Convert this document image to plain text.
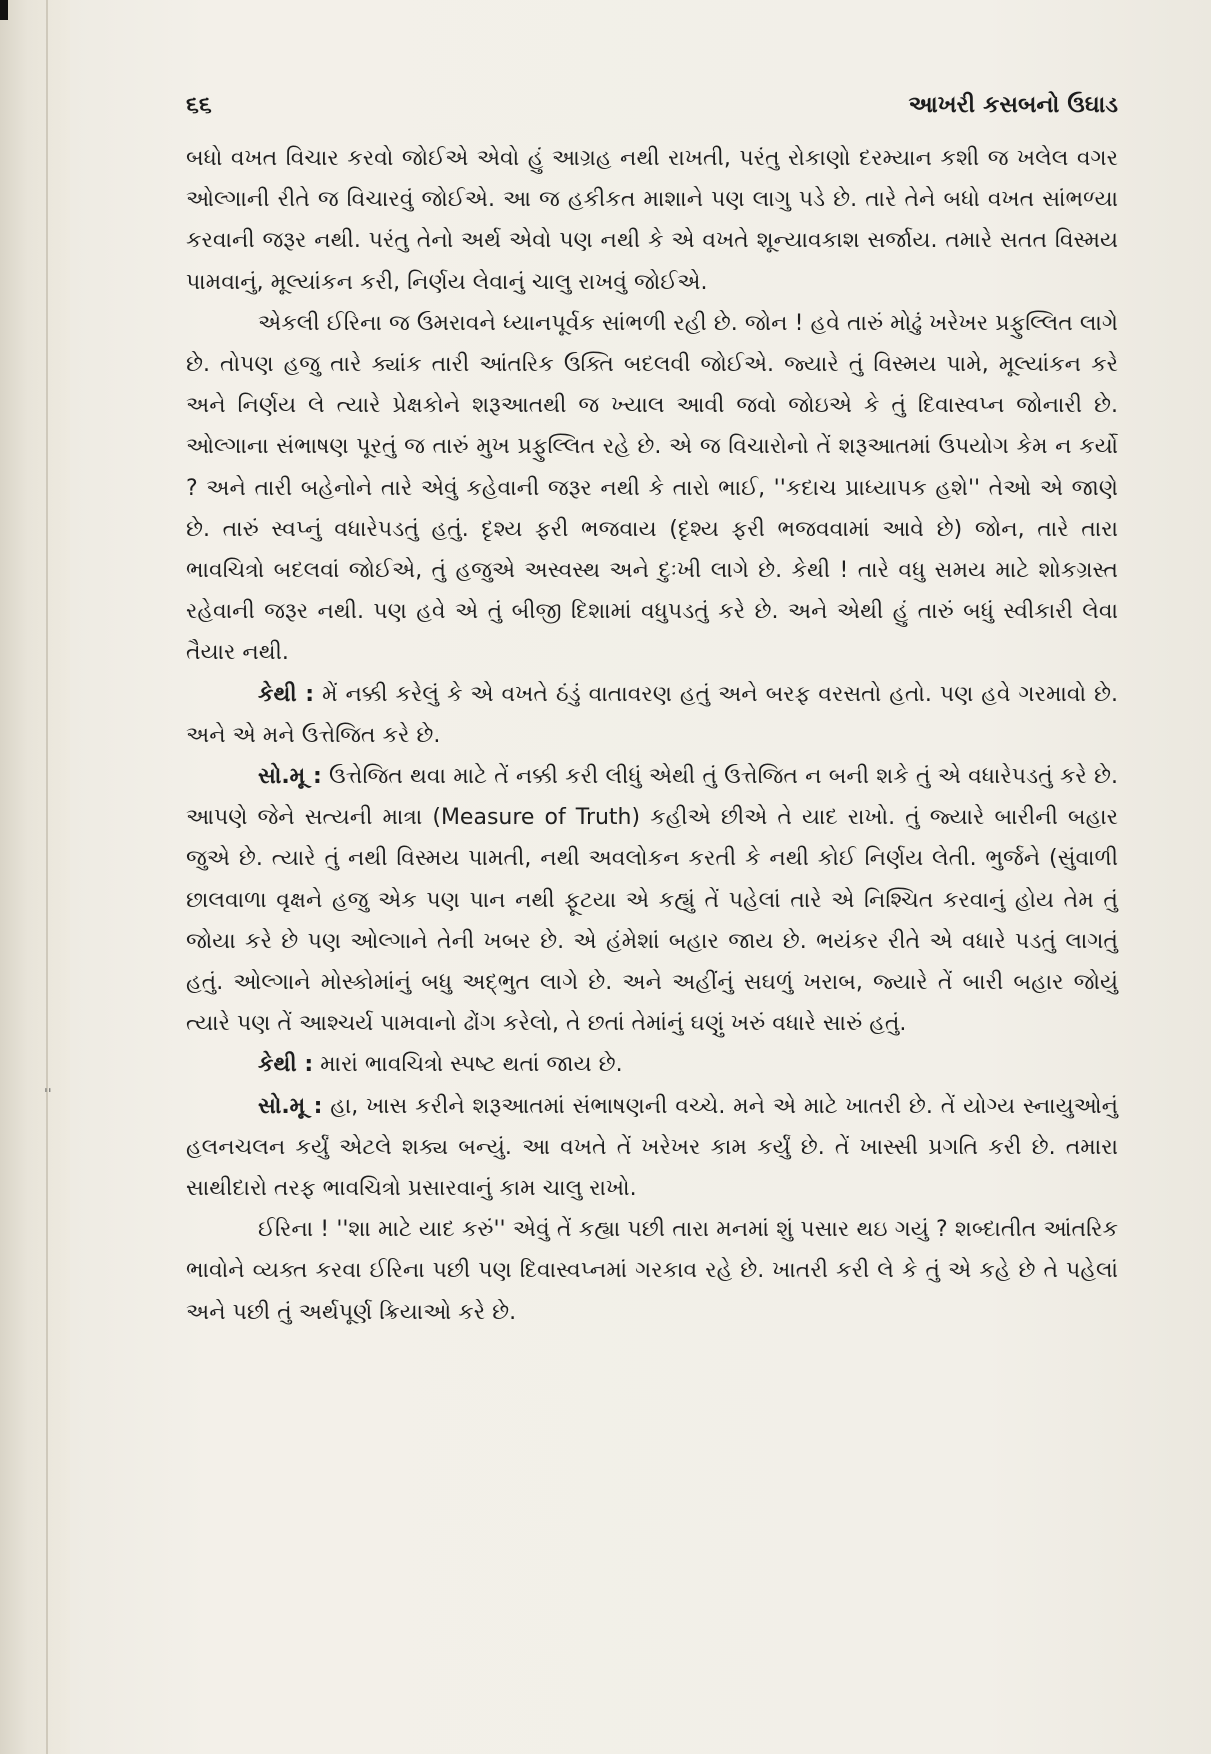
૬૬	આખરી કસબનો ઉઘાડ

બધો વખત વિચાર કરવો જોઈએ એવો હું આગ્રહ નથી રાખતી, પરંતુ રોકાણો દરમ્યાન કશી જ ખલેલ વગર ઓલ્ગાની રીતે જ વિચારવું જોઈએ. આ જ હકીકત માશાને પણ લાગુ પડે છે. તારે તેને બધો વખત સાંભળ્યા કરવાની જરૂર નથી. પરંતુ તેનો અર્થ એવો પણ નથી કે એ વખતે શૂન્યાવકાશ સર્જાય. તમારે સતત વિસ્મય પામવાનું, મૂલ્યાંકન કરી, નિર્ણય લેવાનું ચાલુ રાખવું જોઈએ.

એકલી ઈરિના જ ઉમરાવને ધ્યાનપૂર્વક સાંભળી રહી છે. જોન ! હવે તારું મોઢું ખરેખર પ્રફુલ્લિત લાગે છે. તોપણ હજુ તારે ક્યાંક તારી આંતરિક ઉક્તિ બદલવી જોઈએ. જ્યારે તું વિસ્મય પામે, મૂલ્યાંકન કરે અને નિર્ણય લે ત્યારે પ્રેક્ષકોને શરૂઆતથી જ ખ્યાલ આવી જવો જોઇએ કે તું દિવાસ્વપ્ન જોનારી છે. ઓલ્ગાના સંભાષણ પૂરતું જ તારું મુખ પ્રફુલ્લિત રહે છે. એ જ વિચારોનો તેં શરૂઆતમાં ઉપયોગ કેમ ન કર્યો ? અને તારી બહેનોને તારે એવું કહેવાની જરૂર નથી કે તારો ભાઈ, ''કદાચ પ્રાધ્યાપક હશે'' તેઓ એ જાણે છે. તારું સ્વપ્નું વધારેપડતું હતું. દૃશ્ય ફરી ભજવાય (દૃશ્ય ફરી ભજવવામાં આવે છે) જોન, તારે તારા ભાવચિત્રો બદલવાં જોઈએ, તું હજુએ અસ્વસ્થ અને દુઃખી લાગે છે. કેથી ! તારે વધુ સમય માટે શોકગ્રસ્ત રહેવાની જરૂર નથી. પણ હવે એ તું બીજી દિશામાં વધુપડતું કરે છે. અને એથી હું તારું બધું સ્વીકારી લેવા તૈયાર નથી.

કેથી : મેં નક્કી કરેલું કે એ વખતે ઠંડું વાતાવરણ હતું અને બરફ વરસતો હતો. પણ હવે ગરમાવો છે. અને એ મને ઉત્તેજિત કરે છે.

સો.મૂ : ઉત્તેજિત થવા માટે તેં નક્કી કરી લીધું એથી તું ઉત્તેજિત ન બની શકે તું એ વધારેપડતું કરે છે. આપણે જેને સત્યની માત્રા (Measure of Truth) કહીએ છીએ તે યાદ રાખો. તું જ્યારે બારીની બહાર જુએ છે. ત્યારે તું નથી વિસ્મય પામતી, નથી અવલોકન કરતી કે નથી કોઈ નિર્ણય લેતી. ભુર્જને (સુંવાળી છાલવાળા વૃક્ષને હજુ એક પણ પાન નથી ફૂટયા એ કહ્યું તેં પહેલાં તારે એ નિશ્ચિત કરવાનું હોય તેમ તું જોયા કરે છે પણ ઓલ્ગાને તેની ખબર છે. એ હંમેશાં બહાર જાય છે. ભયંકર રીતે એ વધારે પડતું લાગતું હતું. ઓલ્ગાને મોસ્કોમાંનું બધુ અદ્ભુત લાગે છે. અને અહીંનું સઘળું ખરાબ, જ્યારે તેં બારી બહાર જોયું ત્યારે પણ તેં આશ્ચર્ય પામવાનો ઢોંગ કરેલો, તે છતાં તેમાંનું ઘણું ખરું વધારે સારું હતું.

કેથી : મારાં ભાવચિત્રો સ્પષ્ટ થતાં જાય છે.

સો.મૂ : હા, ખાસ કરીને શરૂઆતમાં સંભાષણની વચ્ચે. મને એ માટે ખાતરી છે. તેં યોગ્ય સ્નાયુઓનું હલનચલન કર્યું એટલે શક્ય બન્યું. આ વખતે તેં ખરેખર કામ કર્યું છે. તેં ખાસ્સી પ્રગતિ કરી છે. તમારા સાથીદારો તરફ ભાવચિત્રો પ્રસારવાનું કામ ચાલુ રાખો.

ઈરિના ! ''શા માટે યાદ કરું'' એવું તેં કહ્યા પછી તારા મનમાં શું પસાર થઇ ગયું ? શબ્દાતીત આંતરિક ભાવોને વ્યક્ત કરવા ઈરિના પછી પણ દિવાસ્વપ્નમાં ગરકાવ રહે છે. ખાતરી કરી લે કે તું એ કહે છે તે પહેલાં અને પછી તું અર્થપૂર્ણ ક્રિયાઓ કરે છે.

ˈˈ
